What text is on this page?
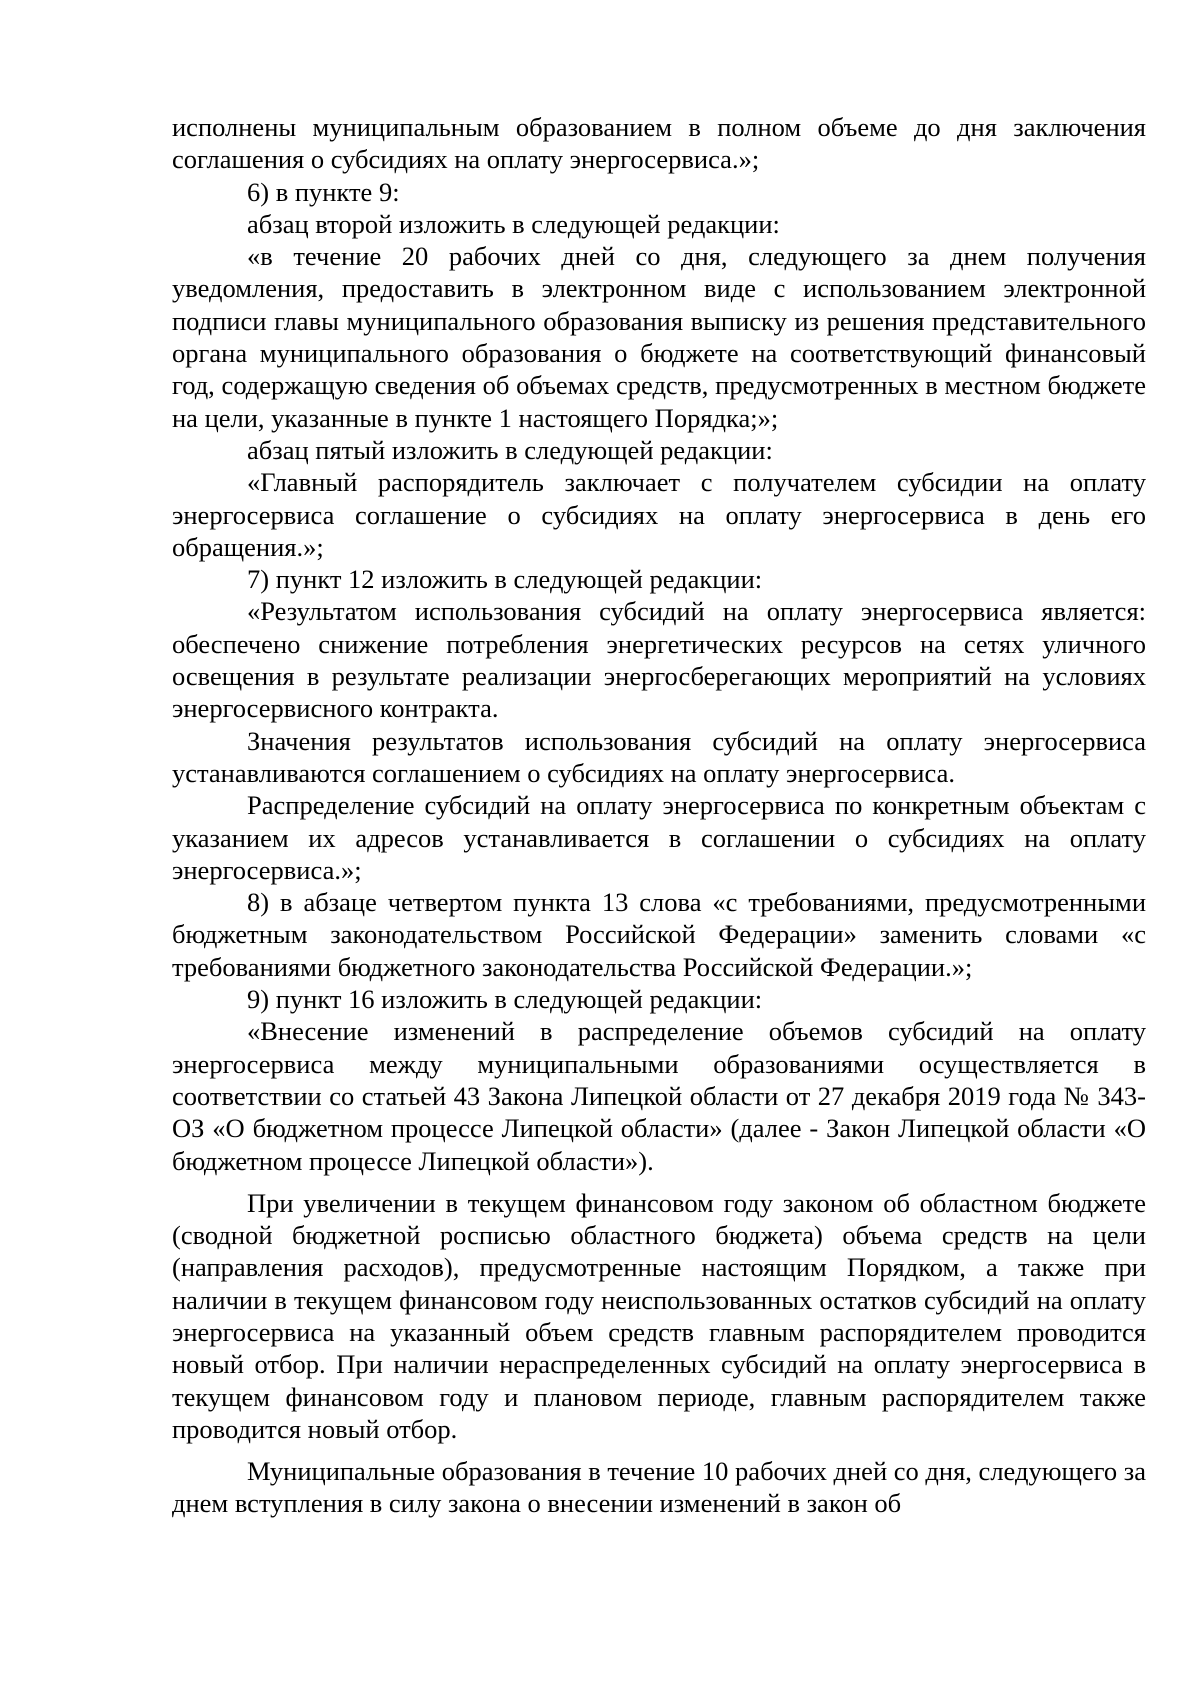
исполнены муниципальным образованием в полном объеме до дня заключения соглашения о субсидиях на оплату энергосервиса.»;

6) в пункте 9:

абзац второй изложить в следующей редакции:

«в течение 20 рабочих дней со дня, следующего за днем получения уведомления, предоставить в электронном виде с использованием электронной подписи главы муниципального образования выписку из решения представительного органа муниципального образования о бюджете на соответствующий финансовый год, содержащую сведения об объемах средств, предусмотренных в местном бюджете на цели, указанные в пункте 1 настоящего Порядка;»;

абзац пятый изложить в следующей редакции:

«Главный распорядитель заключает с получателем субсидии на оплату энергосервиса соглашение о субсидиях на оплату энергосервиса в день его обращения.»;

7) пункт 12 изложить в следующей редакции:

«Результатом использования субсидий на оплату энергосервиса является: обеспечено снижение потребления энергетических ресурсов на сетях уличного освещения в результате реализации энергосберегающих мероприятий на условиях энергосервисного контракта.

Значения результатов использования субсидий на оплату энергосервиса устанавливаются соглашением о субсидиях на оплату энергосервиса.

Распределение субсидий на оплату энергосервиса по конкретным объектам с указанием их адресов устанавливается в соглашении о субсидиях на оплату энергосервиса.»;

8) в абзаце четвертом пункта 13 слова «с требованиями, предусмотренными бюджетным законодательством Российской Федерации» заменить словами «с требованиями бюджетного законодательства Российской Федерации.»;

9) пункт 16 изложить в следующей редакции:

«Внесение изменений в распределение объемов субсидий на оплату энергосервиса между муниципальными образованиями осуществляется в соответствии со статьей 43 Закона Липецкой области от 27 декабря 2019 года № 343-ОЗ «О бюджетном процессе Липецкой области» (далее - Закон Липецкой области «О бюджетном процессе Липецкой области»).

При увеличении в текущем финансовом году законом об областном бюджете (сводной бюджетной росписью областного бюджета) объема средств на цели (направления расходов), предусмотренные настоящим Порядком, а также при наличии в текущем финансовом году неиспользованных остатков субсидий на оплату энергосервиса на указанный объем средств главным распорядителем проводится новый отбор. При наличии нераспределенных субсидий на оплату энергосервиса в текущем финансовом году и плановом периоде, главным распорядителем также проводится новый отбор.

Муниципальные образования в течение 10 рабочих дней со дня, следующего за днем вступления в силу закона о внесении изменений в закон об
